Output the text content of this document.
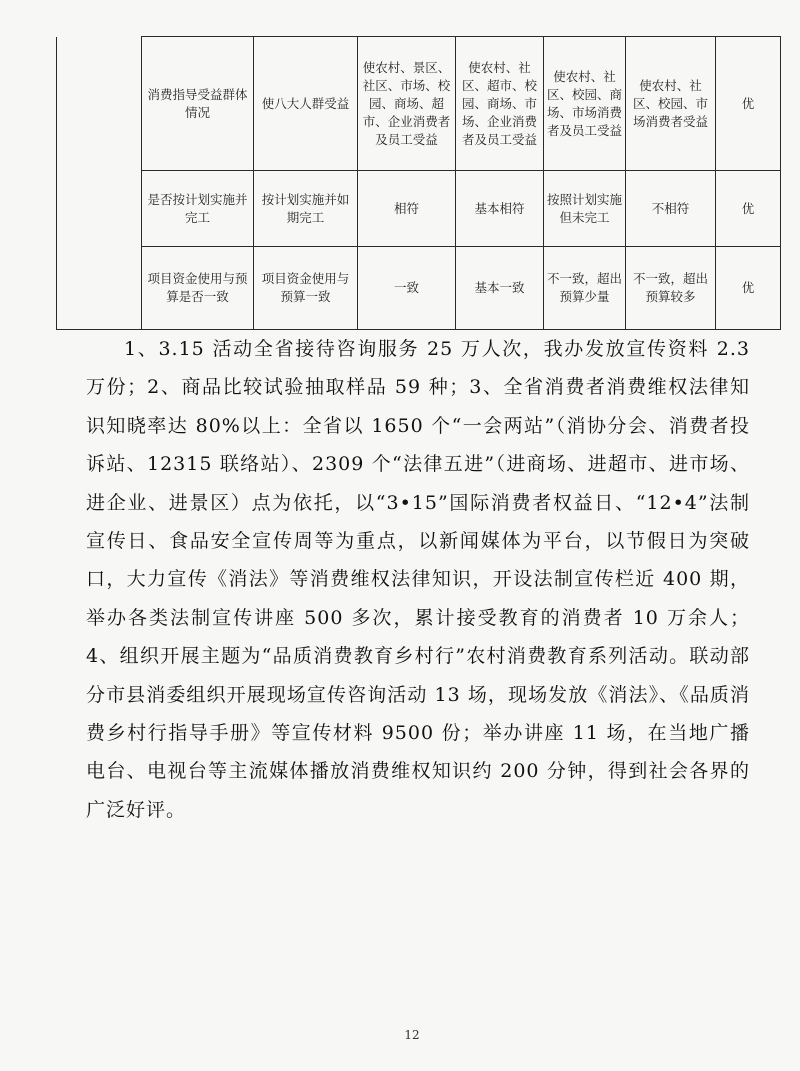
	消费指导受益群体情况	使八大人群受益	使农村、景区、社区、市场、校园、商场、超市、企业消费者及员工受益	使农村、社区、超市、校园、商场、市场、企业消费者及员工受益	使农村、社区、校园、商场、市场消费者及员工受益	使农村、社区、校园、市场消费者受益	优
	是否按计划实施并完工	按计划实施并如期完工	相符	基本相符	按照计划实施但未完工	不相符	优
	项目资金使用与预算是否一致	项目资金使用与预算一致	一致	基本一致	不一致，超出预算少量	不一致，超出预算较多	优

1、3.15 活动全省接待咨询服务 25 万人次，我办发放宣传资料 2.3 万份；2、商品比较试验抽取样品 59 种；3、全省消费者消费维权法律知识知晓率达 80%以上：全省以 1650 个“一会两站”（消协分会、消费者投诉站、12315 联络站）、2309 个“法律五进”（进商场、进超市、进市场、进企业、进景区）点为依托，以“3•15”国际消费者权益日、“12•4”法制宣传日、食品安全宣传周等为重点，以新闻媒体为平台，以节假日为突破口，大力宣传《消法》等消费维权法律知识，开设法制宣传栏近 400 期，举办各类法制宣传讲座 500 多次，累计接受教育的消费者 10 万余人；4、组织开展主题为“品质消费教育乡村行”农村消费教育系列活动。联动部分市县消委组织开展现场宣传咨询活动 13 场，现场发放《消法》、《品质消费乡村行指导手册》等宣传材料 9500 份；举办讲座 11 场，在当地广播电台、电视台等主流媒体播放消费维权知识约 200 分钟，得到社会各界的广泛好评。

12
